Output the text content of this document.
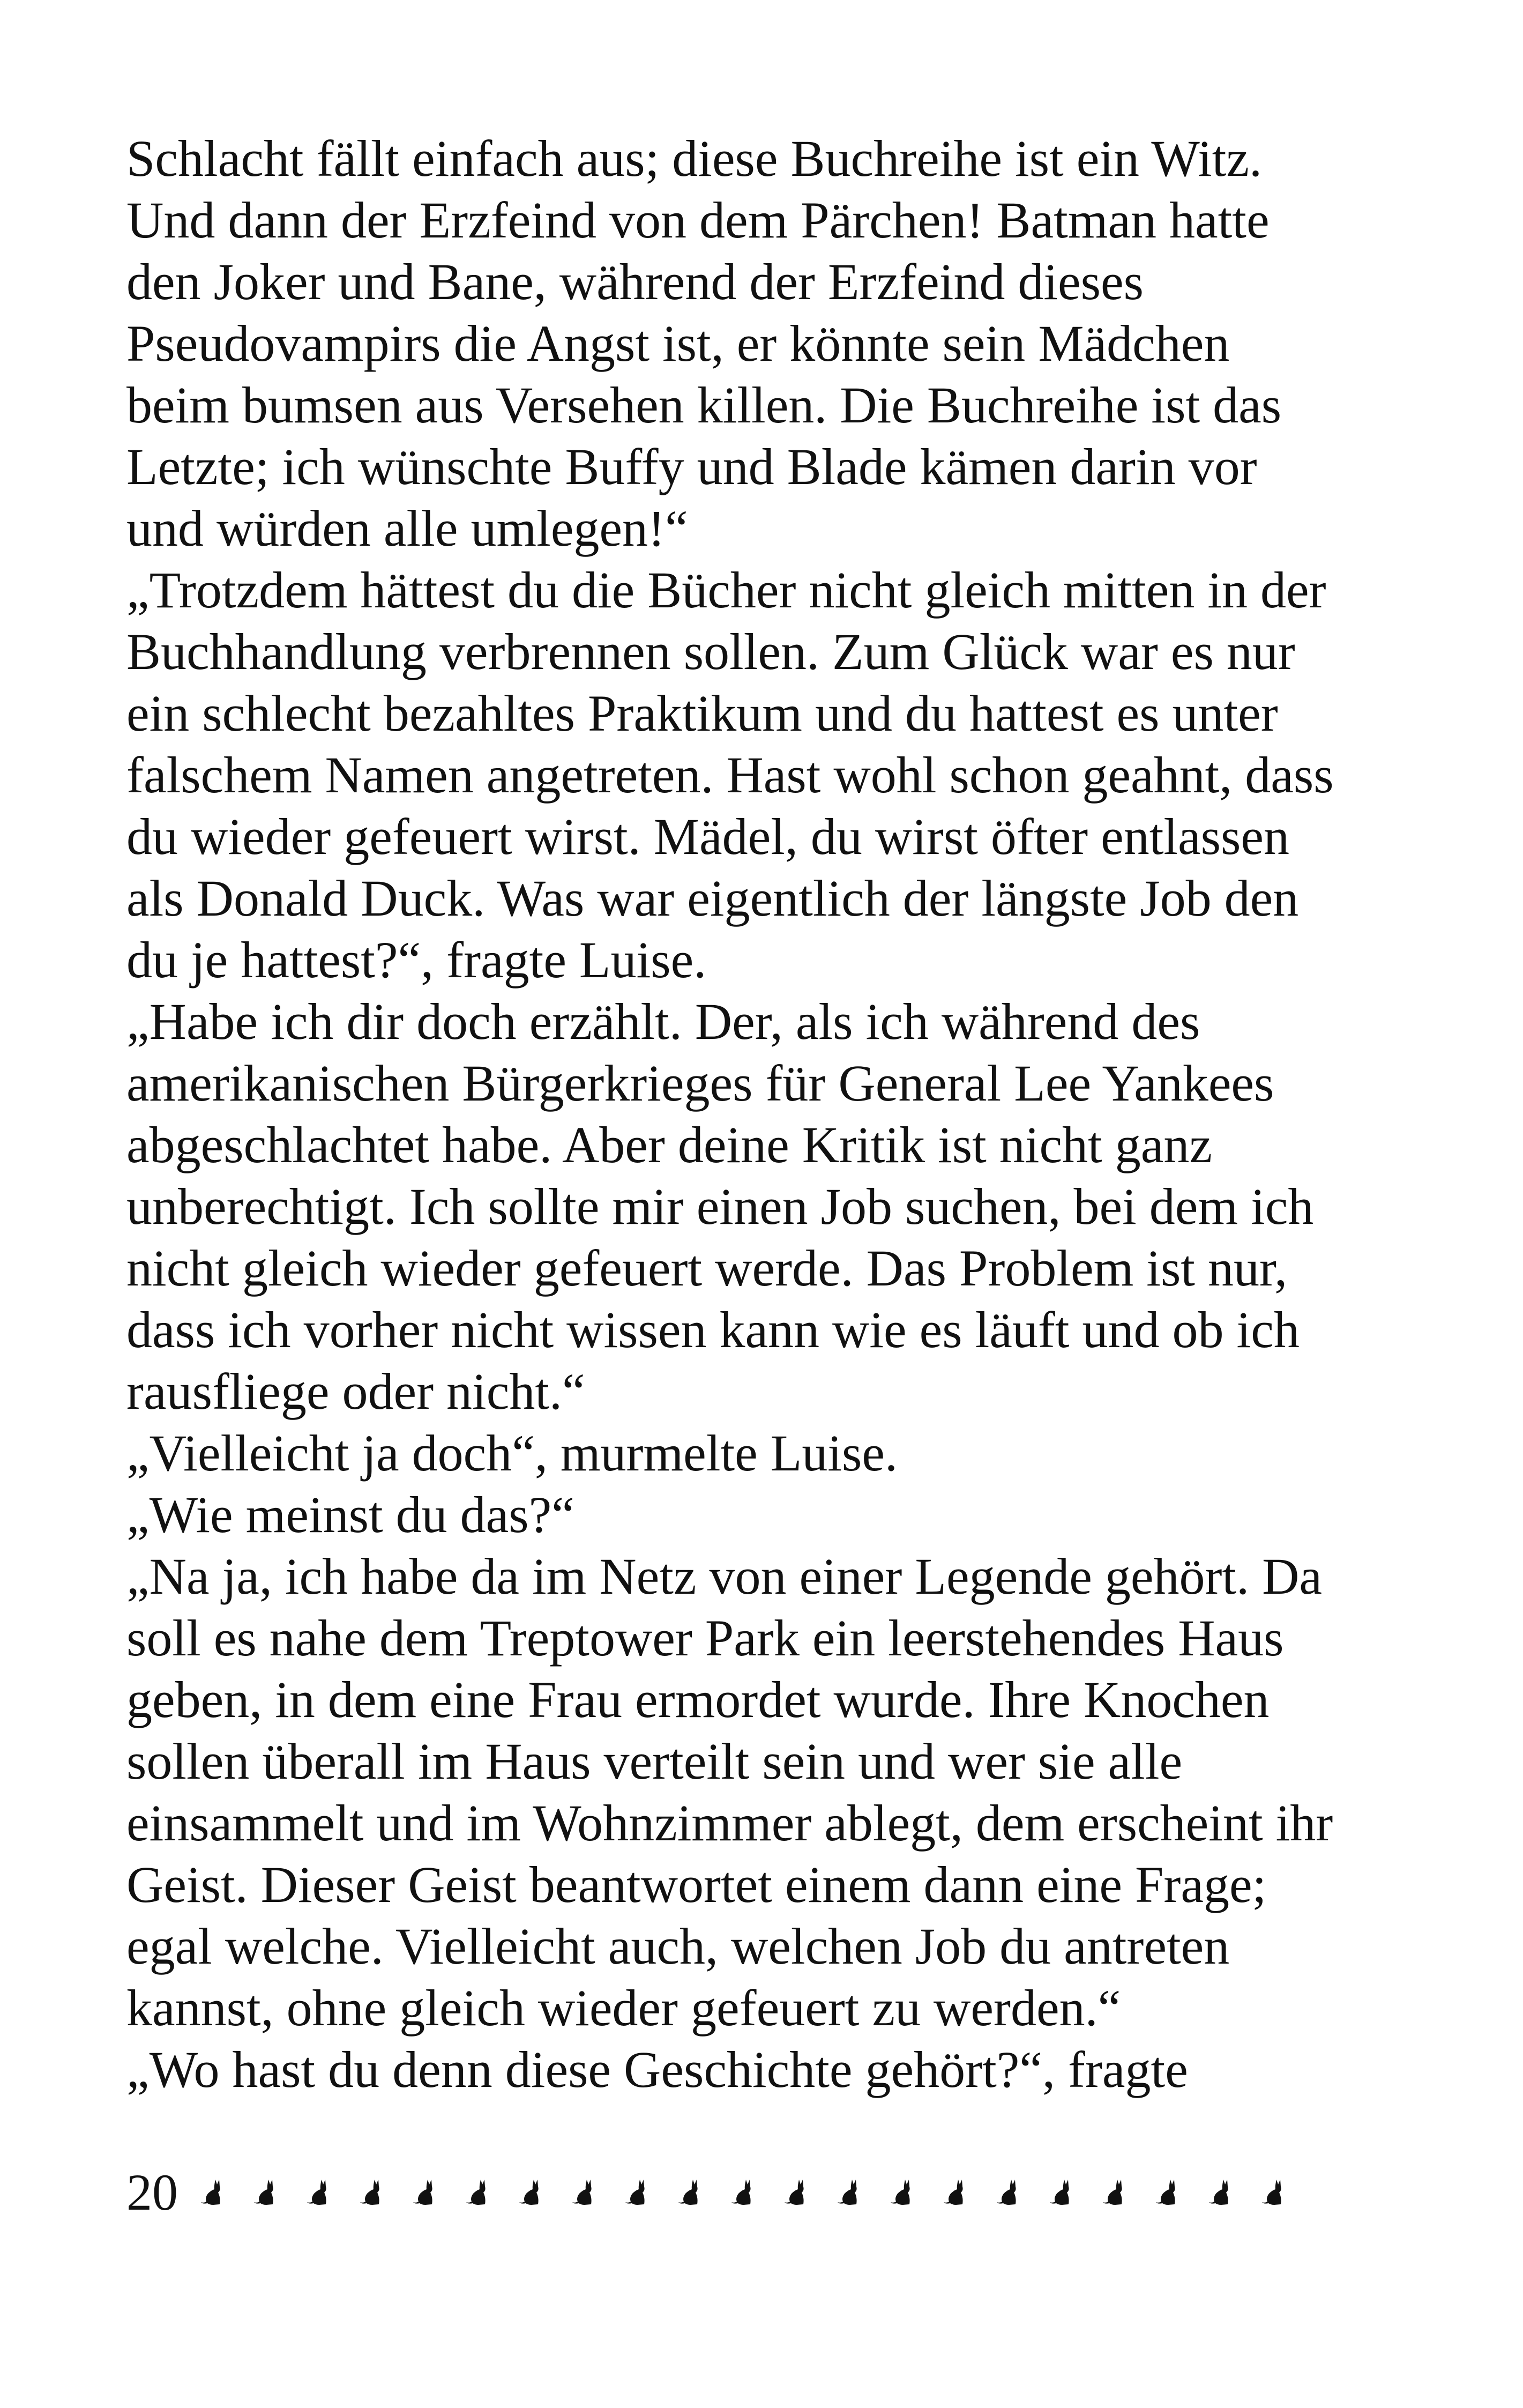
Schlacht fällt einfach aus; diese Buchreihe ist ein Witz.
Und dann der Erzfeind von dem Pärchen! Batman hatte
den Joker und Bane, während der Erzfeind dieses
Pseudovampirs die Angst ist, er könnte sein Mädchen
beim bumsen aus Versehen killen. Die Buchreihe ist das
Letzte; ich wünschte Buffy und Blade kämen darin vor
und würden alle umlegen!“
„Trotzdem hättest du die Bücher nicht gleich mitten in der
Buchhandlung verbrennen sollen. Zum Glück war es nur
ein schlecht bezahltes Praktikum und du hattest es unter
falschem Namen angetreten. Hast wohl schon geahnt, dass
du wieder gefeuert wirst. Mädel, du wirst öfter entlassen
als Donald Duck. Was war eigentlich der längste Job den
du je hattest?“, fragte Luise.
„Habe ich dir doch erzählt. Der, als ich während des
amerikanischen Bürgerkrieges für General Lee Yankees
abgeschlachtet habe. Aber deine Kritik ist nicht ganz
unberechtigt. Ich sollte mir einen Job suchen, bei dem ich
nicht gleich wieder gefeuert werde. Das Problem ist nur,
dass ich vorher nicht wissen kann wie es läuft und ob ich
rausfliege oder nicht.“
„Vielleicht ja doch“, murmelte Luise.
„Wie meinst du das?“
„Na ja, ich habe da im Netz von einer Legende gehört. Da
soll es nahe dem Treptower Park ein leerstehendes Haus
geben, in dem eine Frau ermordet wurde. Ihre Knochen
sollen überall im Haus verteilt sein und wer sie alle
einsammelt und im Wohnzimmer ablegt, dem erscheint ihr
Geist. Dieser Geist beantwortet einem dann eine Frage;
egal welche. Vielleicht auch, welchen Job du antreten
kannst, ohne gleich wieder gefeuert zu werden.“
„Wo hast du denn diese Geschichte gehört?“, fragte
20
